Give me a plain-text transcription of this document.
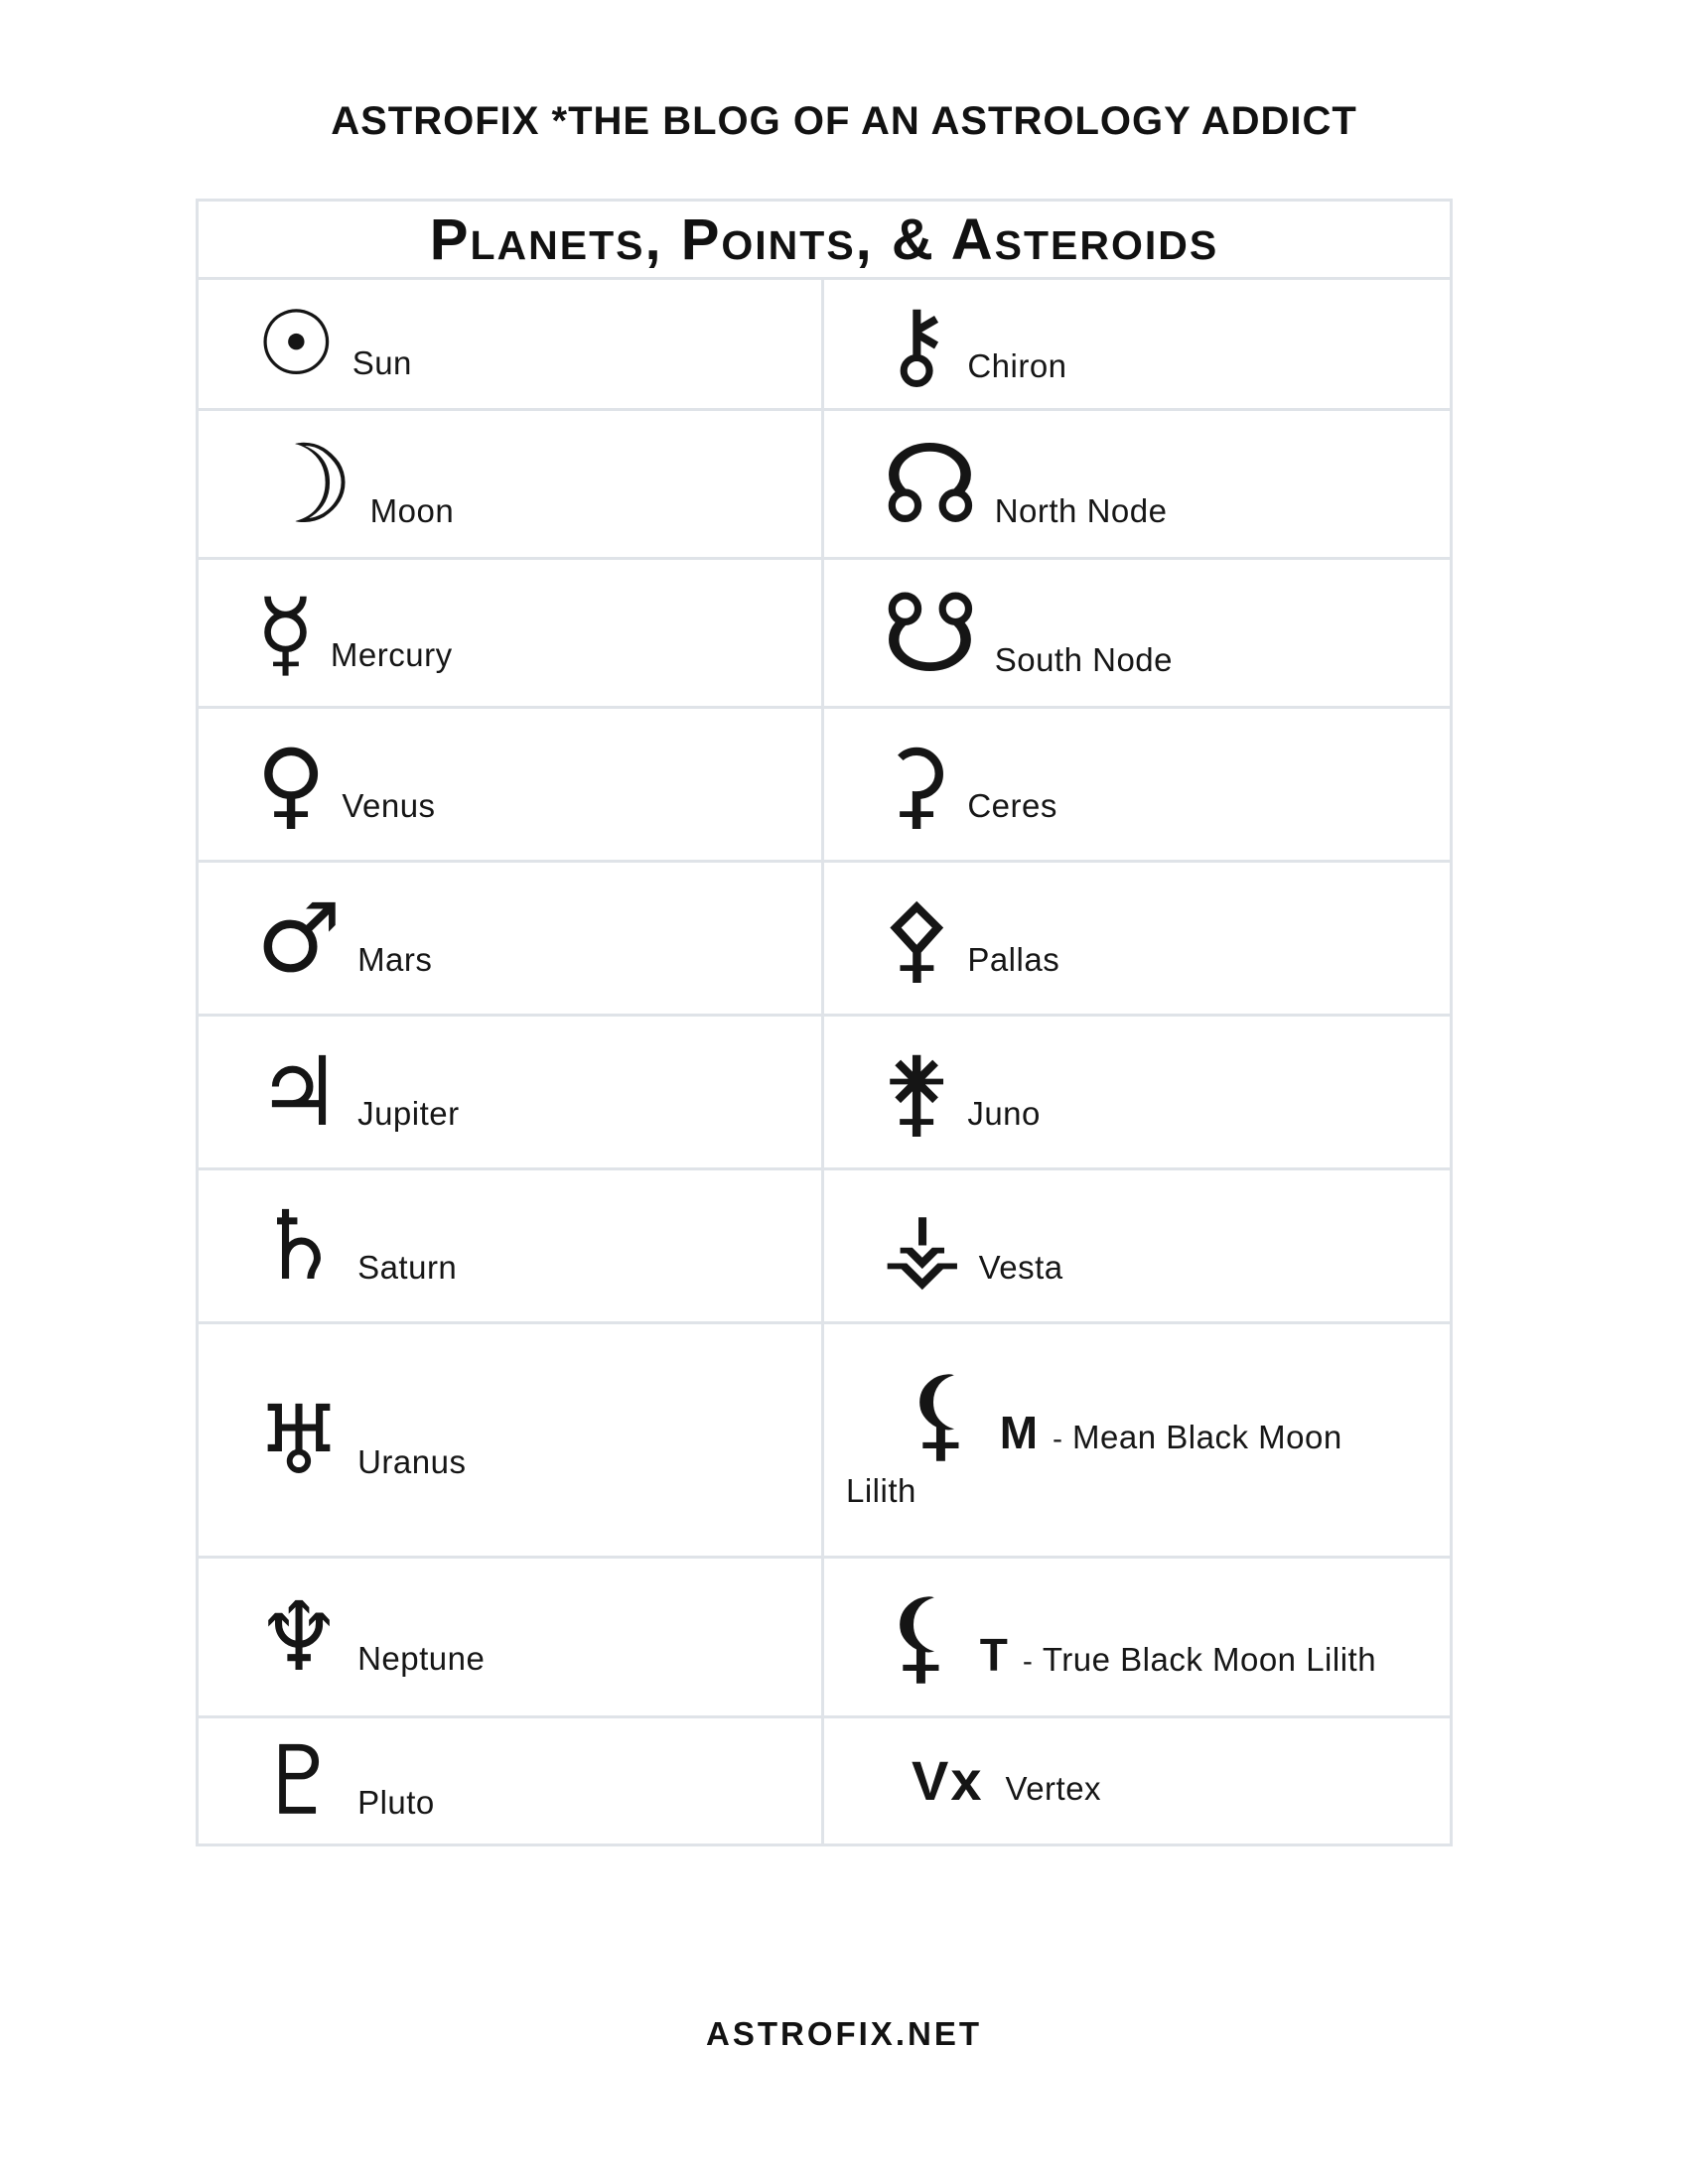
ASTROFIX *THE BLOG OF AN ASTROLOGY ADDICT
Planets, Points, & Asteroids
☉ Sun	⚷ Chiron
☽ Moon	☊ North Node
☿ Mercury	☋ South Node
♀ Venus	⚳ Ceres
♂ Mars	⚴ Pallas
♃ Jupiter	⚵ Juno
♄ Saturn	⚶ Vesta
♅ Uranus	⚸ M - Mean Black Moon
Lilith
♆ Neptune	⚸ T - True Black Moon Lilith
♇ Pluto	Vx Vertex
ASTROFIX.NET
